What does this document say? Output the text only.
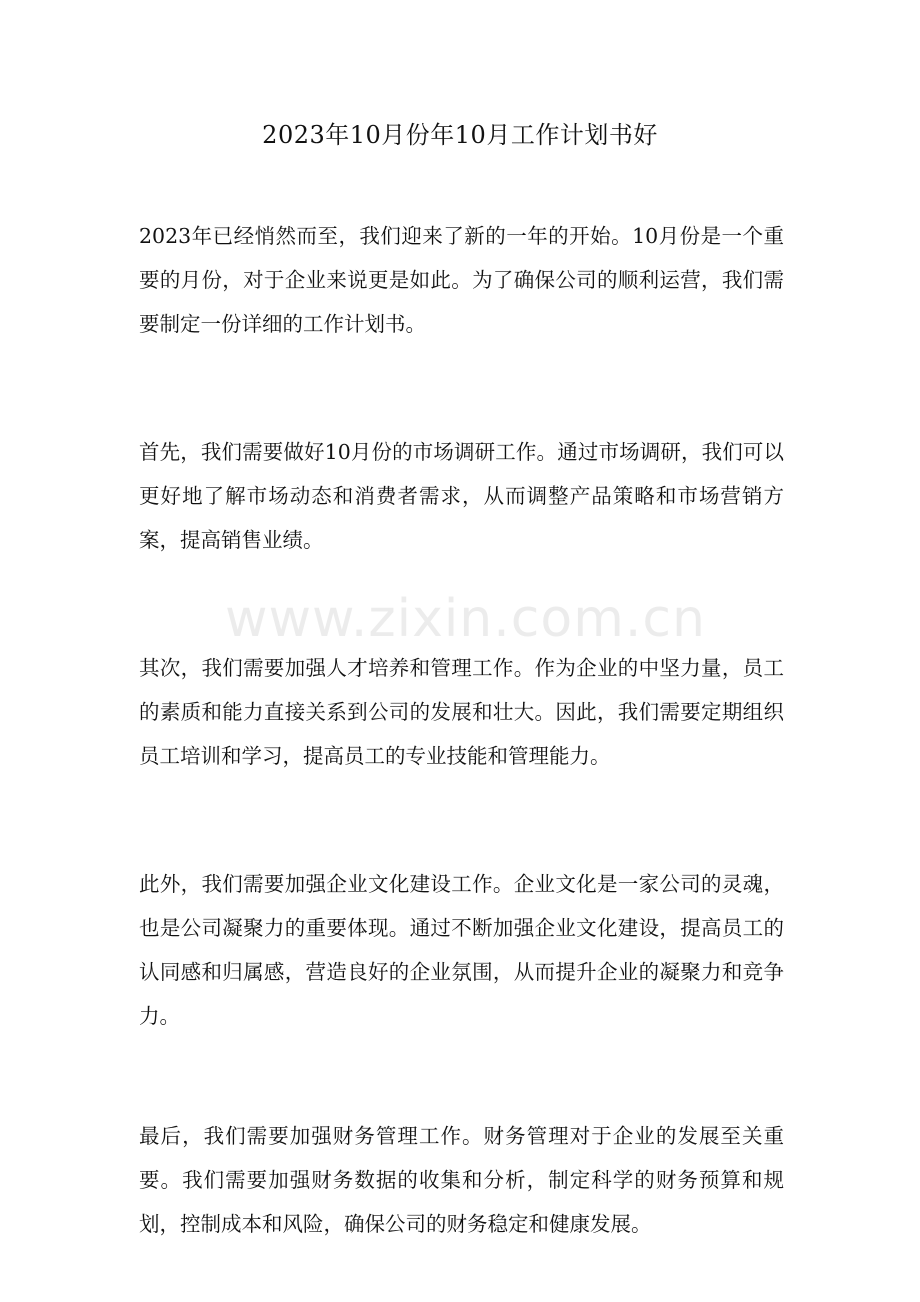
2023年10月份年10月工作计划书好

2023年已经悄然而至，我们迎来了新的一年的开始。10月份是一个重要的月份，对于企业来说更是如此。为了确保公司的顺利运营，我们需要制定一份详细的工作计划书。

首先，我们需要做好10月份的市场调研工作。通过市场调研，我们可以更好地了解市场动态和消费者需求，从而调整产品策略和市场营销方案，提高销售业绩。

其次，我们需要加强人才培养和管理工作。作为企业的中坚力量，员工的素质和能力直接关系到公司的发展和壮大。因此，我们需要定期组织员工培训和学习，提高员工的专业技能和管理能力。

此外，我们需要加强企业文化建设工作。企业文化是一家公司的灵魂，也是公司凝聚力的重要体现。通过不断加强企业文化建设，提高员工的认同感和归属感，营造良好的企业氛围，从而提升企业的凝聚力和竞争力。

最后，我们需要加强财务管理工作。财务管理对于企业的发展至关重要。我们需要加强财务数据的收集和分析，制定科学的财务预算和规划，控制成本和风险，确保公司的财务稳定和健康发展。

www.zixin.com.cn
